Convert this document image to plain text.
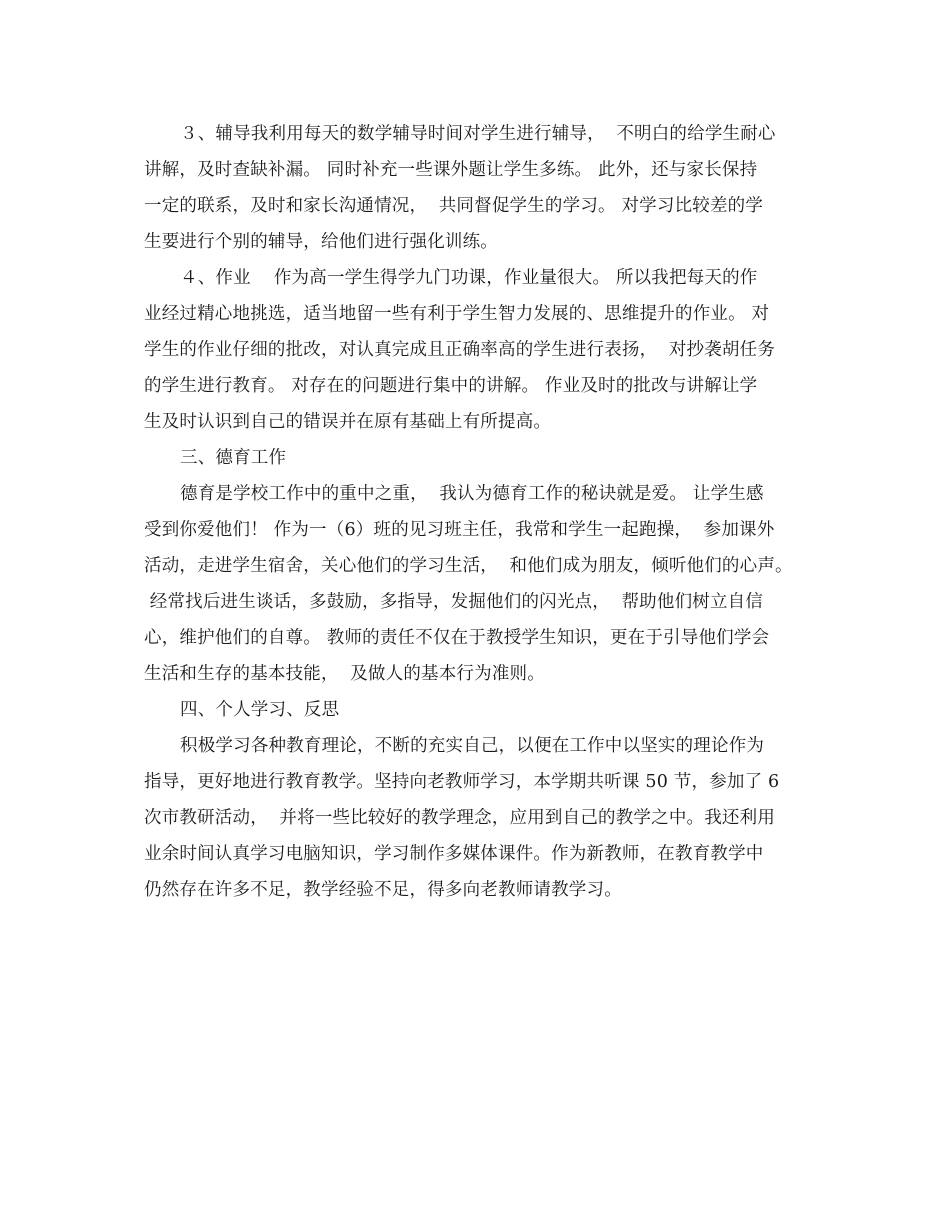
３、辅导我利用每天的数学辅导时间对学生进行辅导，  不明白的给学生耐心
讲解，及时查缺补漏。 同时补充一些课外题让学生多练。 此外，还与家长保持
一定的联系，及时和家长沟通情况，  共同督促学生的学习。 对学习比较差的学
生要进行个别的辅导，给他们进行强化训练。
４、作业    作为高一学生得学九门功课，作业量很大。 所以我把每天的作
业经过精心地挑选，适当地留一些有利于学生智力发展的、思维提升的作业。 对
学生的作业仔细的批改，对认真完成且正确率高的学生进行表扬，  对抄袭胡任务
的学生进行教育。 对存在的问题进行集中的讲解。 作业及时的批改与讲解让学
生及时认识到自己的错误并在原有基础上有所提高。
三、德育工作
德育是学校工作中的重中之重，  我认为德育工作的秘诀就是爱。 让学生感
受到你爱他们！ 作为一（6）班的见习班主任，我常和学生一起跑操，  参加课外
活动，走进学生宿舍，关心他们的学习生活，  和他们成为朋友，倾听他们的心声。
经常找后进生谈话，多鼓励，多指导，发掘他们的闪光点，  帮助他们树立自信
心，维护他们的自尊。 教师的责任不仅在于教授学生知识，更在于引导他们学会
生活和生存的基本技能，  及做人的基本行为准则。
四、个人学习、反思
积极学习各种教育理论，不断的充实自己，以便在工作中以坚实的理论作为
指导，更好地进行教育教学。坚持向老教师学习，本学期共听课 50 节，参加了 6
次市教研活动，  并将一些比较好的教学理念，应用到自己的教学之中。我还利用
业余时间认真学习电脑知识，学习制作多媒体课件。作为新教师，在教育教学中
仍然存在许多不足，教学经验不足，得多向老教师请教学习。
